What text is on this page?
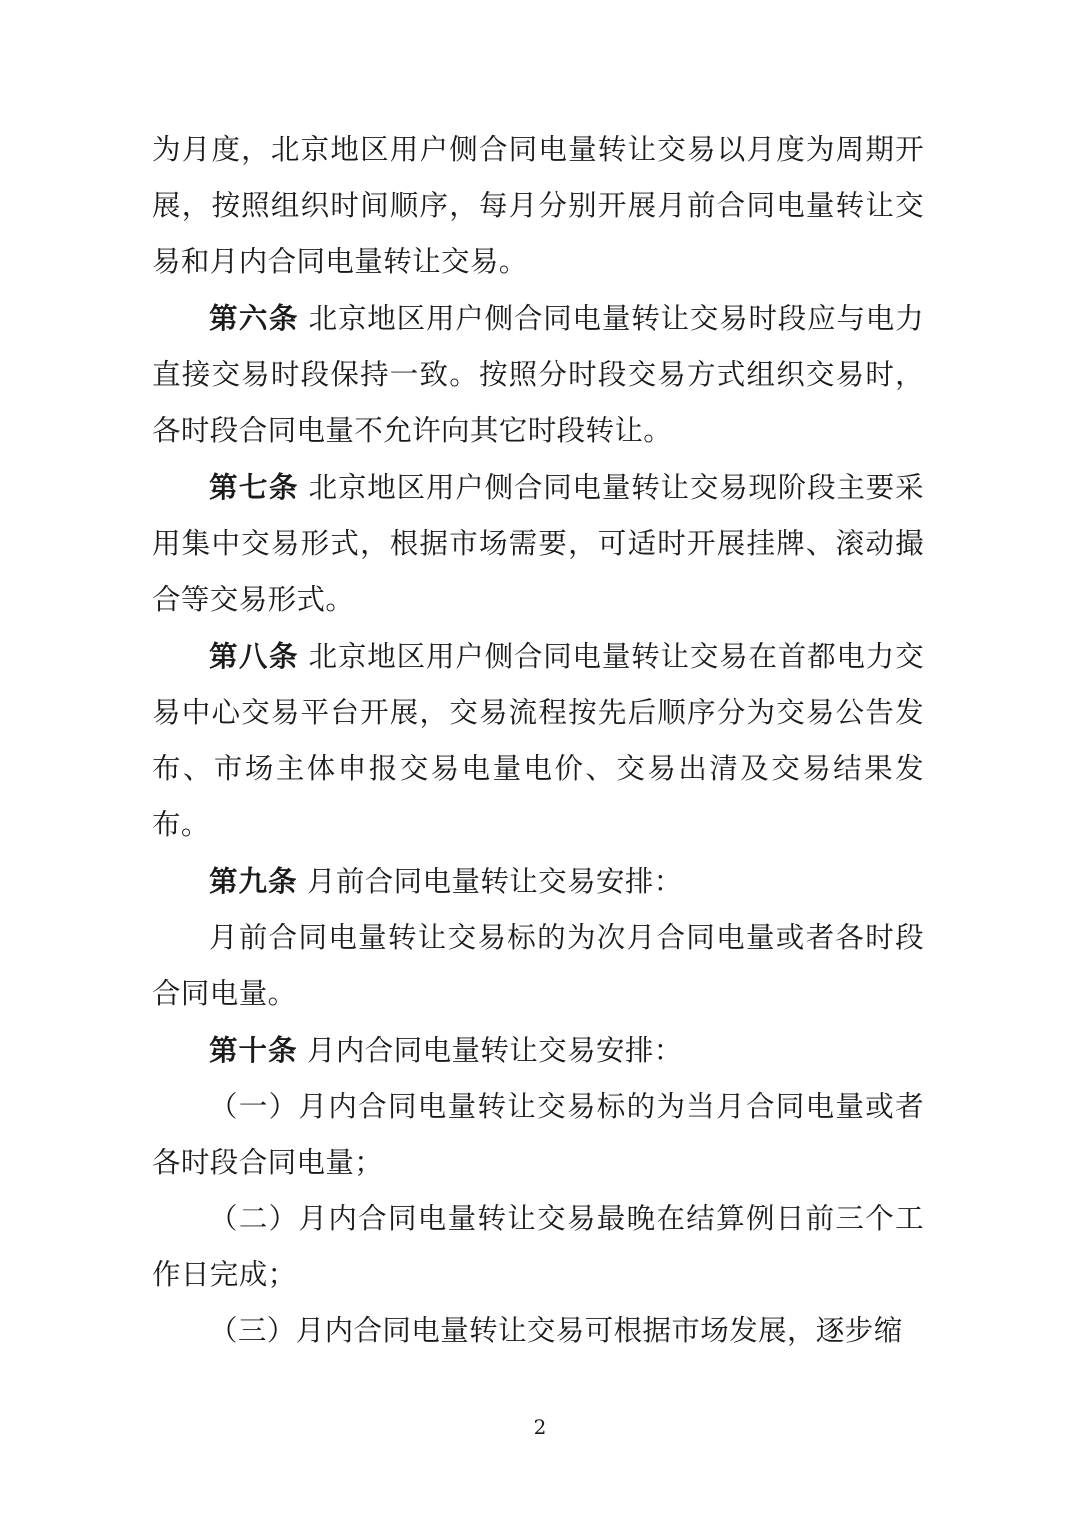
为月度，北京地区用户侧合同电量转让交易以月度为周期开展，按照组织时间顺序，每月分别开展月前合同电量转让交易和月内合同电量转让交易。

第六条 北京地区用户侧合同电量转让交易时段应与电力直接交易时段保持一致。按照分时段交易方式组织交易时，各时段合同电量不允许向其它时段转让。

第七条 北京地区用户侧合同电量转让交易现阶段主要采用集中交易形式，根据市场需要，可适时开展挂牌、滚动撮合等交易形式。

第八条 北京地区用户侧合同电量转让交易在首都电力交易中心交易平台开展，交易流程按先后顺序分为交易公告发布、市场主体申报交易电量电价、交易出清及交易结果发布。

第九条 月前合同电量转让交易安排：

月前合同电量转让交易标的为次月合同电量或者各时段合同电量。

第十条 月内合同电量转让交易安排：

（一）月内合同电量转让交易标的为当月合同电量或者各时段合同电量；

（二）月内合同电量转让交易最晚在结算例日前三个工作日完成；

（三）月内合同电量转让交易可根据市场发展，逐步缩

2
